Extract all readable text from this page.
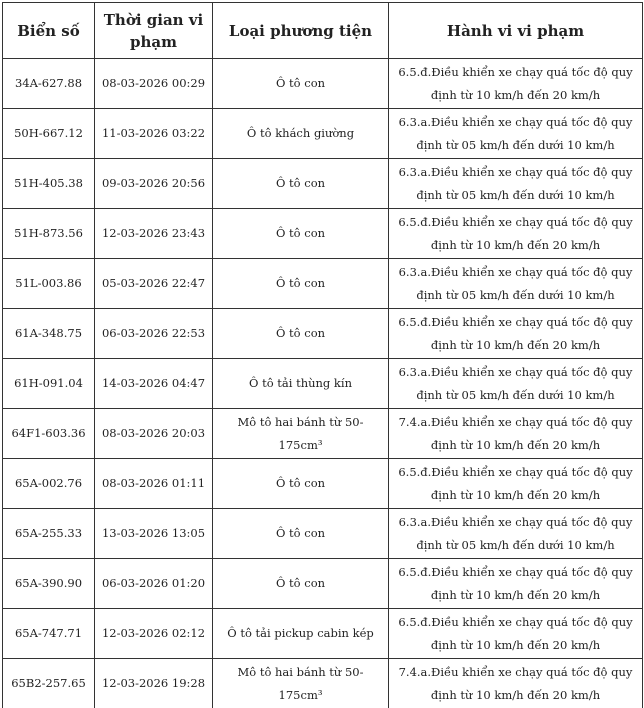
Biển số	Thời gian vi phạm	Loại phương tiện	Hành vi vi phạm
34A-627.88	08-03-2026 00:29	Ô tô con	6.5.đ.Điều khiển xe chạy quá tốc độ quy định từ 10 km/h đến 20 km/h
50H-667.12	11-03-2026 03:22	Ô tô khách giường	6.3.a.Điều khiển xe chạy quá tốc độ quy định từ 05 km/h đến dưới 10 km/h
51H-405.38	09-03-2026 20:56	Ô tô con	6.3.a.Điều khiển xe chạy quá tốc độ quy định từ 05 km/h đến dưới 10 km/h
51H-873.56	12-03-2026 23:43	Ô tô con	6.5.đ.Điều khiển xe chạy quá tốc độ quy định từ 10 km/h đến 20 km/h
51L-003.86	05-03-2026 22:47	Ô tô con	6.3.a.Điều khiển xe chạy quá tốc độ quy định từ 05 km/h đến dưới 10 km/h
61A-348.75	06-03-2026 22:53	Ô tô con	6.5.đ.Điều khiển xe chạy quá tốc độ quy định từ 10 km/h đến 20 km/h
61H-091.04	14-03-2026 04:47	Ô tô tải thùng kín	6.3.a.Điều khiển xe chạy quá tốc độ quy định từ 05 km/h đến dưới 10 km/h
64F1-603.36	08-03-2026 20:03	Mô tô hai bánh từ 50-175cm³	7.4.a.Điều khiển xe chạy quá tốc độ quy định từ 10 km/h đến 20 km/h
65A-002.76	08-03-2026 01:11	Ô tô con	6.5.đ.Điều khiển xe chạy quá tốc độ quy định từ 10 km/h đến 20 km/h
65A-255.33	13-03-2026 13:05	Ô tô con	6.3.a.Điều khiển xe chạy quá tốc độ quy định từ 05 km/h đến dưới 10 km/h
65A-390.90	06-03-2026 01:20	Ô tô con	6.5.đ.Điều khiển xe chạy quá tốc độ quy định từ 10 km/h đến 20 km/h
65A-747.71	12-03-2026 02:12	Ô tô tải pickup cabin kép	6.5.đ.Điều khiển xe chạy quá tốc độ quy định từ 10 km/h đến 20 km/h
65B2-257.65	12-03-2026 19:28	Mô tô hai bánh từ 50-175cm³	7.4.a.Điều khiển xe chạy quá tốc độ quy định từ 10 km/h đến 20 km/h
